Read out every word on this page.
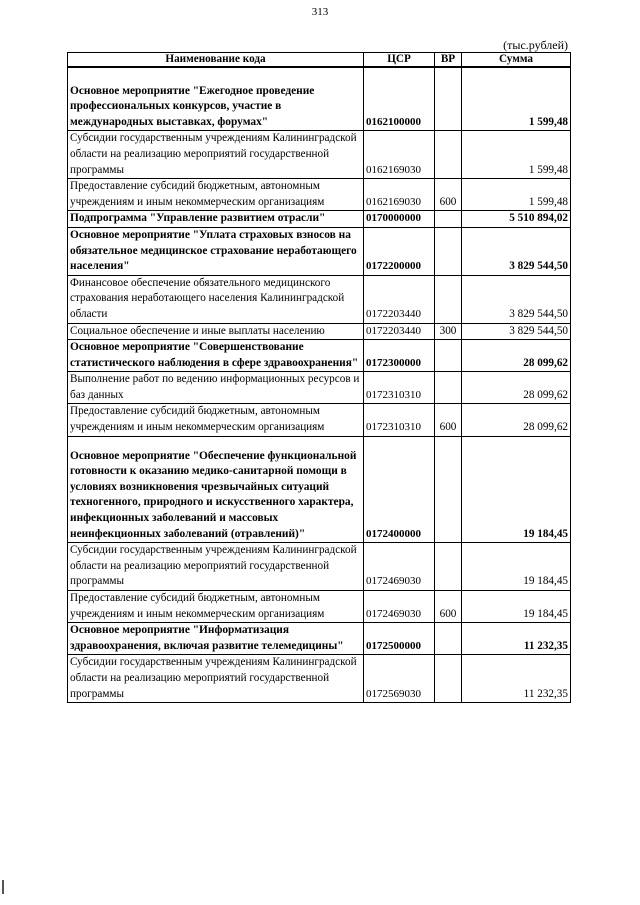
313
(тыс.рублей)
Наименование кода	ЦСР	ВР	Сумма

Основное мероприятие "Ежегодное проведение профессиональных конкурсов, участие в международных выставках, форумах"	0162100000		1 599,48
Субсидии государственным учреждениям Калининградской области на реализацию мероприятий государственной программы	0162169030		1 599,48
Предоставление субсидий бюджетным, автономным учреждениям и иным некоммерческим организациям	0162169030	600	1 599,48
Подпрограмма "Управление развитием отрасли"	0170000000		5 510 894,02
Основное мероприятие "Уплата страховых взносов на обязательное медицинское страхование неработающего населения"	0172200000		3 829 544,50
Финансовое обеспечение обязательного медицинского страхования неработающего населения Калининградской области	0172203440		3 829 544,50
Социальное обеспечение и иные выплаты населению	0172203440	300	3 829 544,50
Основное мероприятие "Совершенствование статистического наблюдения в сфере здравоохранения"	0172300000		28 099,62
Выполнение работ по ведению информационных ресурсов и баз данных	0172310310		28 099,62
Предоставление субсидий бюджетным, автономным учреждениям и иным некоммерческим организациям	0172310310	600	28 099,62

Основное мероприятие "Обеспечение функциональной готовности к оказанию медико-санитарной помощи в условиях возникновения чрезвычайных ситуаций техногенного, природного и искусственного характера, инфекционных заболеваний и массовых неинфекционных заболеваний (отравлений)"	0172400000		19 184,45
Субсидии государственным учреждениям Калининградской области на реализацию мероприятий государственной программы	0172469030		19 184,45
Предоставление субсидий бюджетным, автономным учреждениям и иным некоммерческим организациям	0172469030	600	19 184,45
Основное мероприятие "Информатизация здравоохранения, включая развитие телемедицины"	0172500000		11 232,35
Субсидии государственным учреждениям Калининградской области на реализацию мероприятий государственной программы	0172569030		11 232,35
